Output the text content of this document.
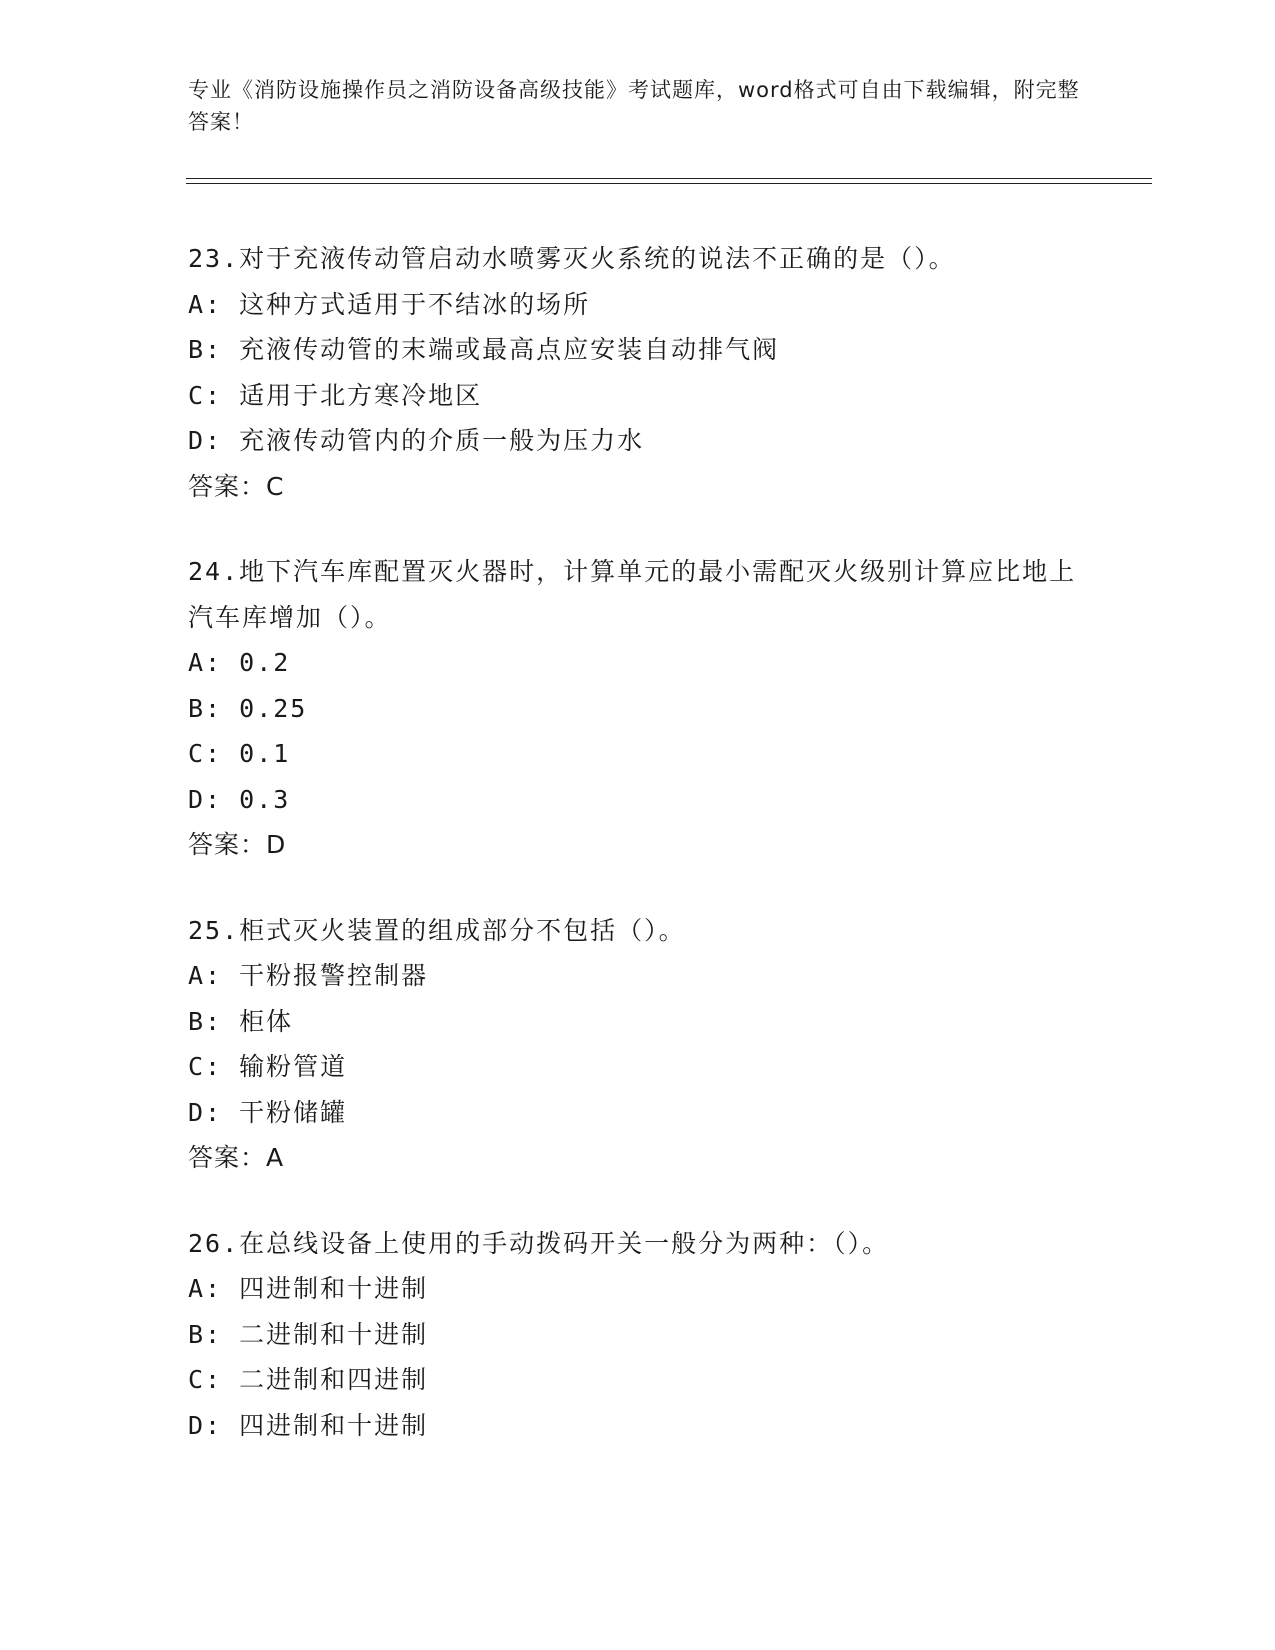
专业《消防设施操作员之消防设备高级技能》考试题库，word格式可自由下载编辑，附完整答案！
23.对于充液传动管启动水喷雾灭火系统的说法不正确的是（）。
A: 这种方式适用于不结冰的场所
B: 充液传动管的末端或最高点应安装自动排气阀
C: 适用于北方寒冷地区
D: 充液传动管内的介质一般为压力水
答案：C
24.地下汽车库配置灭火器时，计算单元的最小需配灭火级别计算应比地上汽车库增加（）。
A: 0.2
B: 0.25
C: 0.1
D: 0.3
答案：D
25.柜式灭火装置的组成部分不包括（）。
A: 干粉报警控制器
B: 柜体
C: 输粉管道
D: 干粉储罐
答案：A
26.在总线设备上使用的手动拨码开关一般分为两种：（）。
A: 四进制和十进制
B: 二进制和十进制
C: 二进制和四进制
D: 四进制和十进制
